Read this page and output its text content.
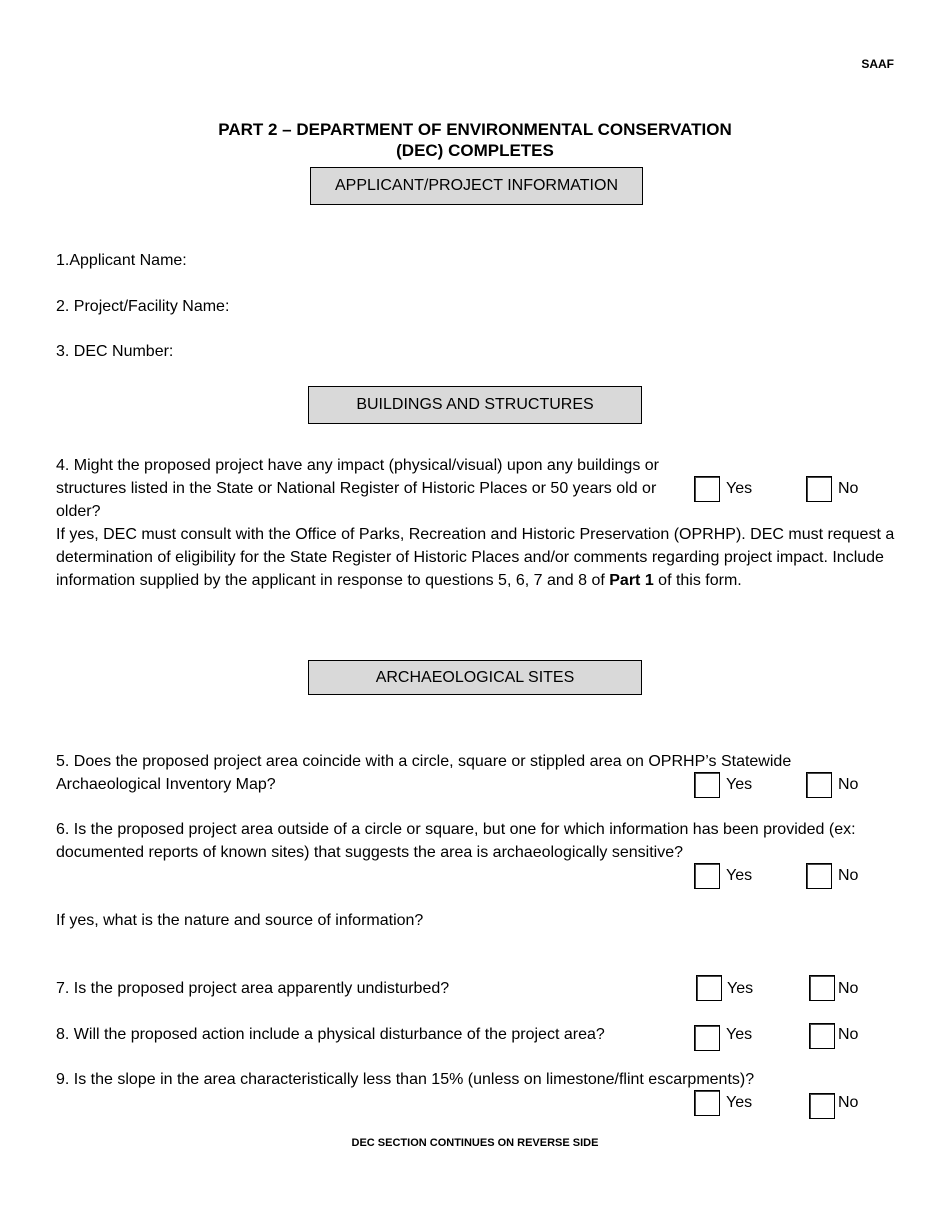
SAAF
PART 2 – DEPARTMENT OF ENVIRONMENTAL CONSERVATION
(DEC) COMPLETES
APPLICANT/PROJECT INFORMATION
1.Applicant Name:
2. Project/Facility Name:
3. DEC Number:
BUILDINGS AND STRUCTURES
4. Might the proposed project have any impact (physical/visual) upon any buildings or structures listed in the State or National Register of Historic Places or 50 years old or older?
Yes	No
If yes, DEC must consult with the Office of Parks, Recreation and Historic Preservation (OPRHP). DEC must request a determination of eligibility for the State Register of Historic Places and/or comments regarding project impact. Include information supplied by the applicant in response to questions 5, 6, 7 and 8 of Part 1 of this form.
ARCHAEOLOGICAL SITES
5. Does the proposed project area coincide with a circle, square or stippled area on OPRHP’s Statewide Archaeological Inventory Map?	Yes	No
6. Is the proposed project area outside of a circle or square, but one for which information has been provided (ex: documented reports of known sites) that suggests the area is archaeologically sensitive?
Yes	No
If yes, what is the nature and source of information?
7. Is the proposed project area apparently undisturbed?	Yes	No
8. Will the proposed action include a physical disturbance of the project area?	Yes	No
9. Is the slope in the area characteristically less than 15% (unless on limestone/flint escarpments)?
Yes	No
DEC SECTION CONTINUES ON REVERSE SIDE
